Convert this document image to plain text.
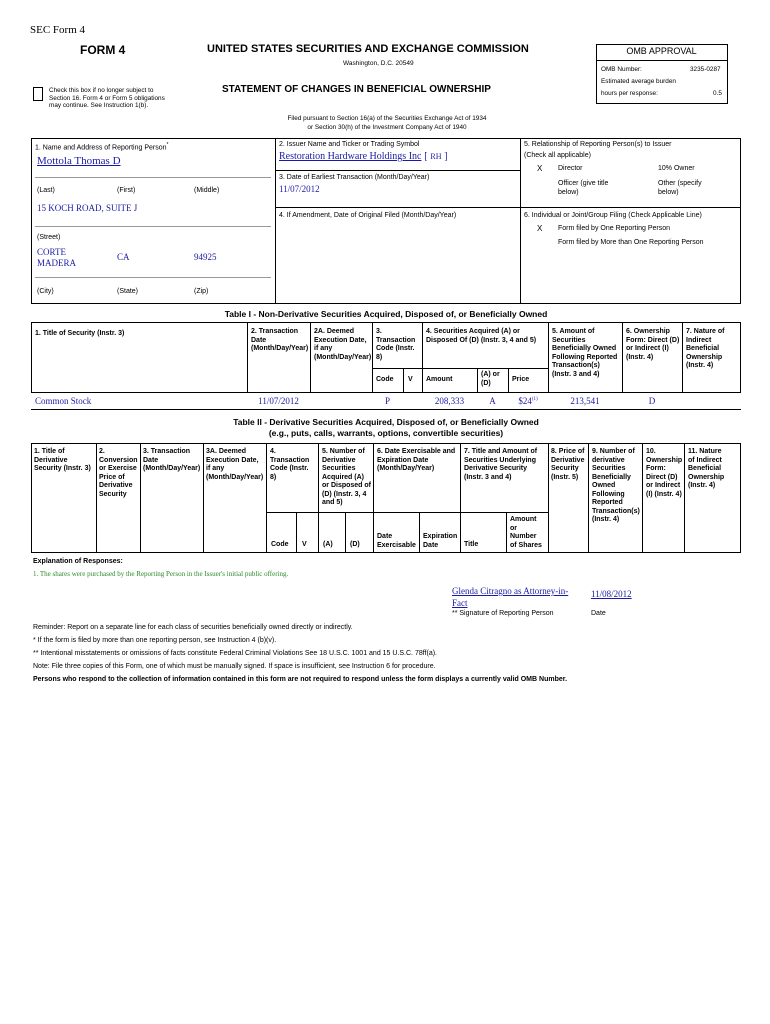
SEC Form 4
FORM 4	UNITED STATES SECURITIES AND EXCHANGE COMMISSION
Washington, D.C. 20549
STATEMENT OF CHANGES IN BENEFICIAL OWNERSHIP
Check this box if no longer subject to
Section 16. Form 4 or Form 5 obligations
may continue. See Instruction 1(b).
Filed pursuant to Section 16(a) of the Securities Exchange Act of 1934
or Section 30(h) of the Investment Company Act of 1940
OMB APPROVAL
OMB Number:	3235-0287
Estimated average burden
hours per response:	0.5
1. Name and Address of Reporting Person*
Mottola Thomas D
(Last)	(First)	(Middle)
15 KOCH ROAD, SUITE J
(Street)
CORTE MADERA
CA	94925
(City)	(State)	(Zip)
2. Issuer Name and Ticker or Trading Symbol
Restoration Hardware Holdings Inc [ RH ]
3. Date of Earliest Transaction (Month/Day/Year)
11/07/2012
4. If Amendment, Date of Original Filed (Month/Day/Year)
5. Relationship of Reporting Person(s) to Issuer
(Check all applicable)
X Director	10% Owner
Officer (give title
below)
Other (specify
below)
6. Individual or Joint/Group Filing (Check Applicable Line)
X Form filed by One Reporting Person
Form filed by More than One Reporting Person
Table I - Non-Derivative Securities Acquired, Disposed of, or Beneficially Owned
1. Title of Security (Instr. 3)	2. Transaction
Date
(Month/Day/Year)
2A. Deemed
Execution Date,
if any
(Month/Day/Year)
3.
Transaction
Code (Instr.
8)
4. Securities Acquired (A) or
Disposed Of (D) (Instr. 3, 4 and 5)
5. Amount of
Securities
Beneficially Owned
Following Reported
Transaction(s)
(Instr. 3 and 4)
6. Ownership
Form: Direct (D)
or Indirect (I)
(Instr. 4)
7. Nature of
Indirect
Beneficial
Ownership
(Instr. 4)
Code V Amount
(A) or
(D)	Price
Common Stock	11/07/2012	P	208,333	A	$24$^{(1)}$	213,541	D
Table II - Derivative Securities Acquired, Disposed of, or Beneficially Owned
(e.g., puts, calls, warrants, options, convertible securities)
1. Title of
Derivative
Security (Instr. 3)
2.
Conversion
or Exercise
Price of
Derivative
Security
3. Transaction
Date
(Month/Day/Year)
3A. Deemed
Execution Date,
if any
(Month/Day/Year)
4.
Transaction
Code (Instr.
8)
5. Number of
Derivative
Securities
Acquired (A)
or Disposed of
(D) (Instr. 3, 4
and 5)
6. Date Exercisable and
Expiration Date
(Month/Day/Year)
7. Title and Amount of
Securities Underlying
Derivative Security
(Instr. 3 and 4)
8. Price of
Derivative
Security
(Instr. 5)
9. Number of
derivative
Securities
Beneficially
Owned
Following
Reported
Transaction(s)
(Instr. 4)
10.
Ownership
Form:
Direct (D)
or Indirect
(I) (Instr. 4)
11. Nature
of Indirect
Beneficial
Ownership
(Instr. 4)
Code V (A) (D)
Date
Exercisable
Expiration
Date	Title
Amount
or
Number
of Shares
Explanation of Responses:
1. The shares were purchased by the Reporting Person in the Issuer's initial public offering.
Glenda Citragno as Attorney-in-
Fact
11/08/2012
** Signature of Reporting Person	Date
Reminder: Report on a separate line for each class of securities beneficially owned directly or indirectly.
* If the form is filed by more than one reporting person, see Instruction 4 (b)(v).
** Intentional misstatements or omissions of facts constitute Federal Criminal Violations See 18 U.S.C. 1001 and 15 U.S.C. 78ff(a).
Note: File three copies of this Form, one of which must be manually signed. If space is insufficient, see Instruction 6 for procedure.
Persons who respond to the collection of information contained in this form are not required to respond unless the form displays a currently valid OMB Number.
